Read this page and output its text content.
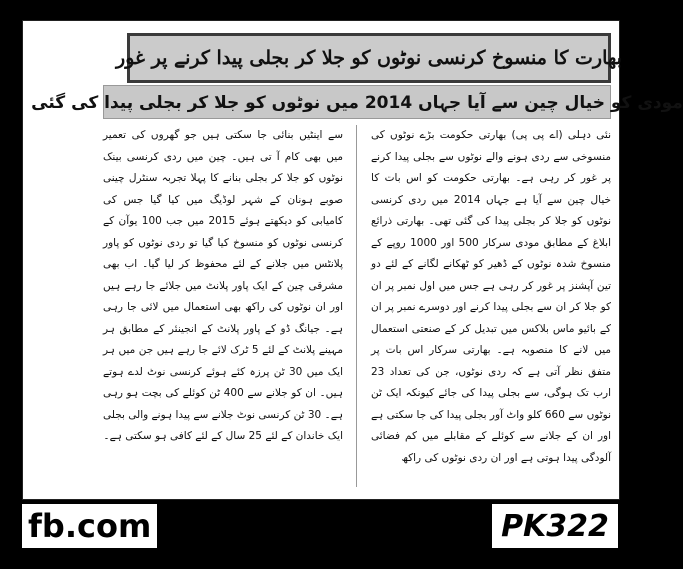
بھارت کا منسوخ کرنسی نوٹوں کو جلا کر بجلی پیدا کرنے پر غور
مودی کو خیال چین سے آیا جہاں 2014 میں نوٹوں کو جلا کر بجلی پیدا کی گئی

نئی دہلی (اے پی پی) بھارتی حکومت بڑے نوٹوں کی منسوخی سے ردی ہونے والے نوٹوں سے بجلی پیدا کرنے پر غور کر رہی ہے۔ بھارتی حکومت کو اس بات کا خیال چین سے آیا ہے جہاں 2014 میں ردی کرنسی نوٹوں کو جلا کر بجلی پیدا کی گئی تھی۔ بھارتی ذرائع ابلاغ کے مطابق مودی سرکار 500 اور 1000 روپے کے منسوخ شدہ نوٹوں کے ڈھیر کو ٹھکانے لگانے کے لئے دو تین آپشنز پر غور کر رہی ہے جس میں اول نمبر پر ان کو جلا کر ان سے بجلی پیدا کرنے اور دوسرے نمبر پر ان کے بائیو ماس بلاکس میں تبدیل کر کے صنعتی استعمال میں لانے کا منصوبہ ہے۔ بھارتی سرکار اس بات پر متفق نظر آتی ہے کہ ردی نوٹوں، جن کی تعداد 23 ارب تک ہوگی، سے بجلی پیدا کی جائے کیونکہ ایک ٹن نوٹوں سے 660 کلو واٹ آور بجلی پیدا کی جا سکتی ہے اور ان کے جلانے سے کوئلے کے مقابلے میں کم فضائی آلودگی پیدا ہوتی ہے اور ان ردی نوٹوں کی راکھ

سے اینٹیں بنائی جا سکتی ہیں جو گھروں کی تعمیر میں بھی کام آ تی ہیں۔ چین میں ردی کرنسی بینک نوٹوں کو جلا کر بجلی بنانے کا پہلا تجربہ سنٹرل چینی صوبے ہونان کے شہر لوڈیگ میں کیا گیا جس کی کامیابی کو دیکھتے ہوئے 2015 میں جب 100 یوآن کے کرنسی نوٹوں کو منسوخ کیا گیا تو ردی نوٹوں کو پاور پلانٹس میں جلانے کے لئے محفوظ کر لیا گیا۔ اب بھی مشرقی چین کے ایک پاور پلانٹ میں جلائے جا رہے ہیں اور ان نوٹوں کی راکھ بھی استعمال میں لائی جا رہی ہے۔ جیانگ ڈو کے پاور پلانٹ کے انجینئر کے مطابق ہر مہینے پلانٹ کے لئے 5 ٹرک لائے جا رہے ہیں جن میں ہر ایک میں 30 ٹن پرزہ کئے ہوئے کرنسی نوٹ لدے ہوتے ہیں۔ ان کو جلانے سے 400 ٹن کوئلے کی بچت ہو رہی ہے۔ 30 ٹن کرنسی نوٹ جلانے سے پیدا ہونے والی بجلی ایک خاندان کے لئے 25 سال کے لئے کافی ہو سکتی ہے۔

fb.com	PK322
